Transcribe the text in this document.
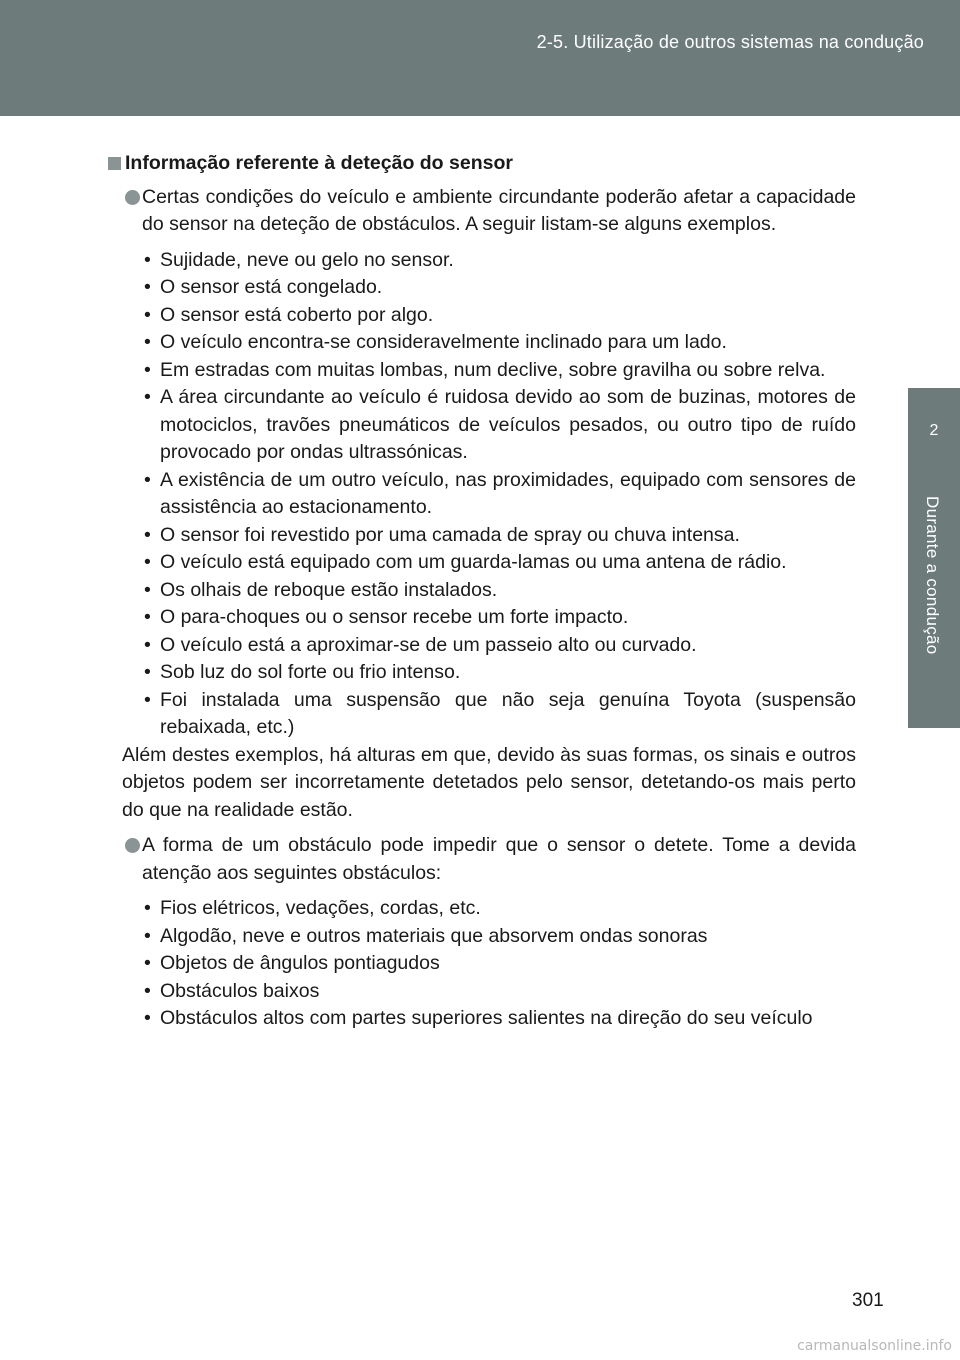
2-5. Utilização de outros sistemas na condução
2
Durante a condução
Informação referente à deteção do sensor

Certas condições do veículo e ambiente circundante poderão afetar a capacidade do sensor na deteção de obstáculos. A seguir listam-se alguns exemplos.

• Sujidade, neve ou gelo no sensor.
• O sensor está congelado.
• O sensor está coberto por algo.
• O veículo encontra-se consideravelmente inclinado para um lado.
• Em estradas com muitas lombas, num declive, sobre gravilha ou sobre relva.
• A área circundante ao veículo é ruidosa devido ao som de buzinas, motores de motociclos, travões pneumáticos de veículos pesados, ou outro tipo de ruído provocado por ondas ultrassónicas.
• A existência de um outro veículo, nas proximidades, equipado com sensores de assistência ao estacionamento.
• O sensor foi revestido por uma camada de spray ou chuva intensa.
• O veículo está equipado com um guarda-lamas ou uma antena de rádio.
• Os olhais de reboque estão instalados.
• O para-choques ou o sensor recebe um forte impacto.
• O veículo está a aproximar-se de um passeio alto ou curvado.
• Sob luz do sol forte ou frio intenso.
• Foi instalada uma suspensão que não seja genuína Toyota (suspensão rebaixada, etc.)

Além destes exemplos, há alturas em que, devido às suas formas, os sinais e outros objetos podem ser incorretamente detetados pelo sensor, detetando-os mais perto do que na realidade estão.

A forma de um obstáculo pode impedir que o sensor o detete. Tome a devida atenção aos seguintes obstáculos:

• Fios elétricos, vedações, cordas, etc.
• Algodão, neve e outros materiais que absorvem ondas sonoras
• Objetos de ângulos pontiagudos
• Obstáculos baixos
• Obstáculos altos com partes superiores salientes na direção do seu veículo
301
carmanualsonline.info
